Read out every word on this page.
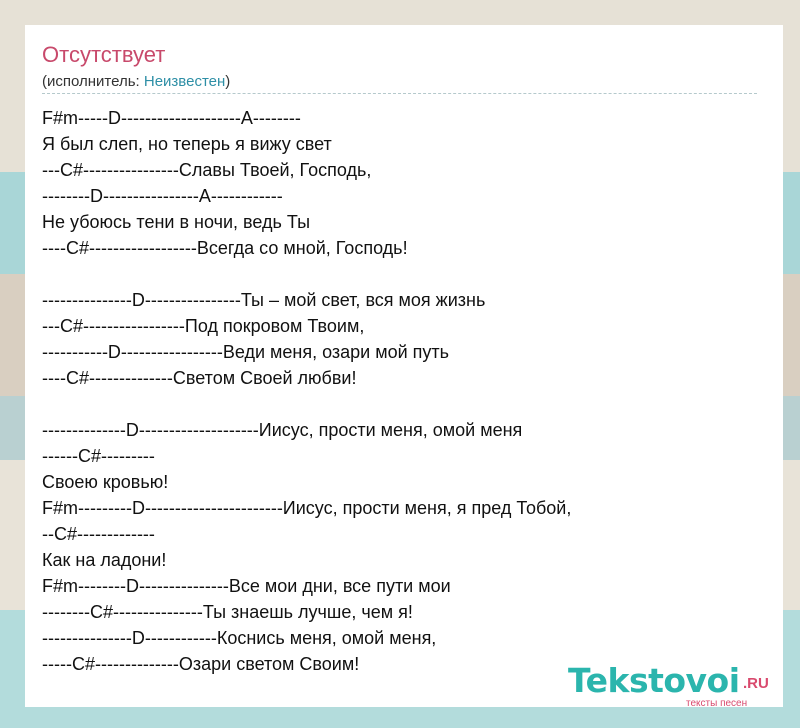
Отсутствует
(исполнитель: Неизвестен)
F#m-----D--------------------A--------
Я был слеп, но теперь я вижу свет
---C#----------------Славы Твоей, Господь,
--------D----------------A------------
Не убоюсь тени в ночи, ведь Ты
----C#------------------Всегда со мной, Господь!
---------------D----------------Ты – мой свет, вся моя жизнь
---C#-----------------Под покровом Твоим,
-----------D-----------------Веди меня, озари мой путь
----C#--------------Светом Своей любви!
--------------D--------------------Иисус, прости меня, омой меня
------C#---------
Своею кровью!
F#m---------D-----------------------Иисус, прости меня, я пред Тобой,
--C#-------------
Как на ладони!
F#m--------D---------------Все мои дни, все пути мои
--------C#---------------Ты знаешь лучше, чем я!
---------------D------------Коснись меня, омой меня,
-----C#--------------Озари светом Своим!	Tekstovoi .RU
тексты песен
